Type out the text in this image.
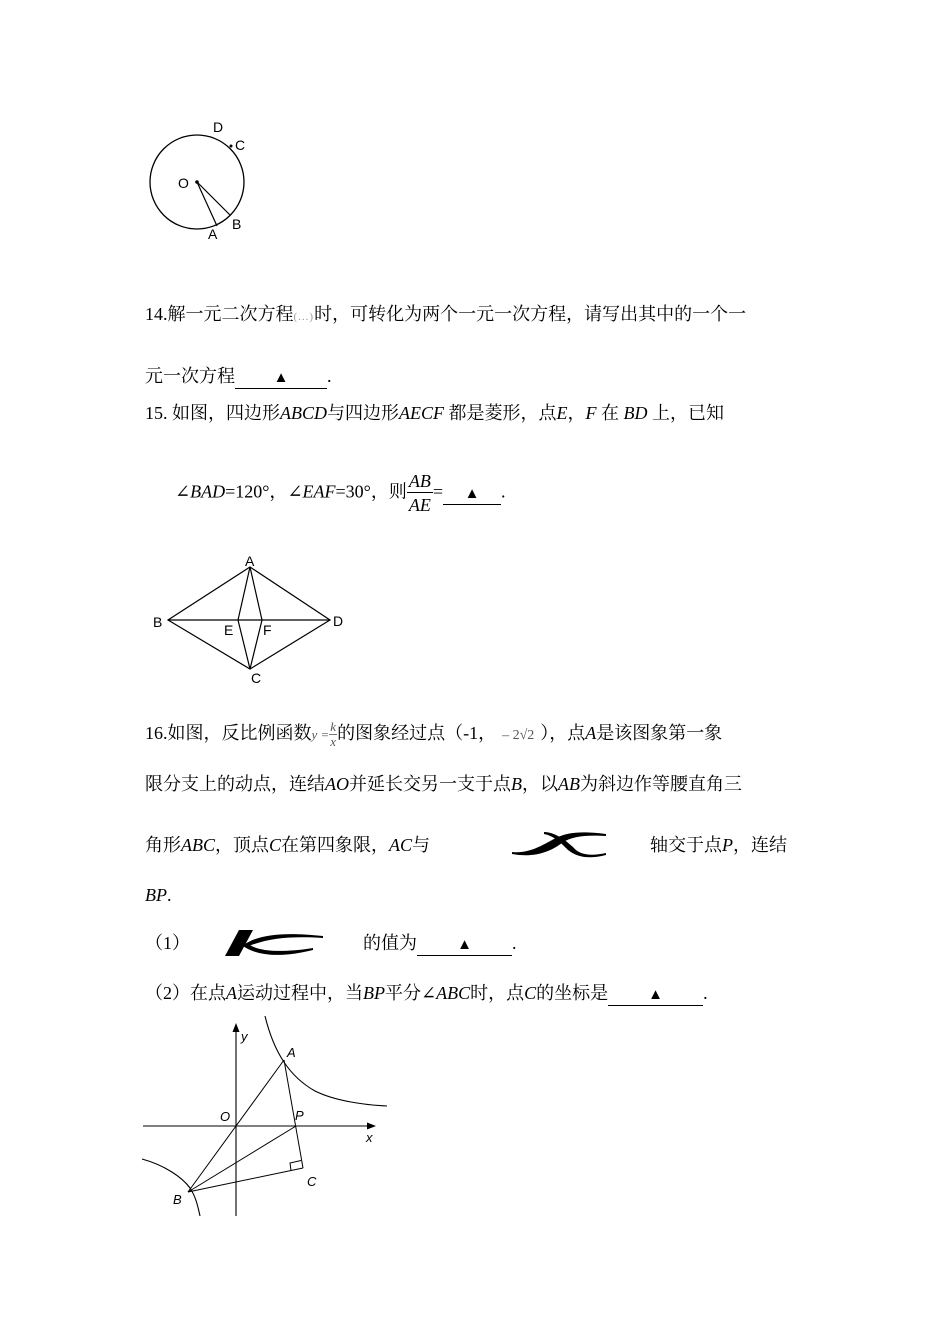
D
C
O
A
B
14.解一元二次方程(...)时，可转化为两个一元一次方程，请写出其中的一个一
元一次方程	▲ .
15. 如图，四边形ABCD与四边形AECF 都是菱形，点E，F 在 BD 上，已知
∠BAD=120°，∠EAF=30°，则 $\frac{AB}{AE}$ = ▲ .
A
B	D
E F
C
16.如图，反比例函数$y = \frac{k}{x}$ 的图象经过点（-1， – 2√2 ），点A是该图象第一象
限分支上的动点，连结AO并延长交另一支于点B，以AB为斜边作等腰直角三
角形ABC，顶点C在第四象限，AC与	轴交于点P，连结
BP.
（1）	的值为	▲ .
（2）在点A运动过程中，当BP平分∠ABC时，点C的坐标是	▲ .
y
x
O
A
P
B
C
